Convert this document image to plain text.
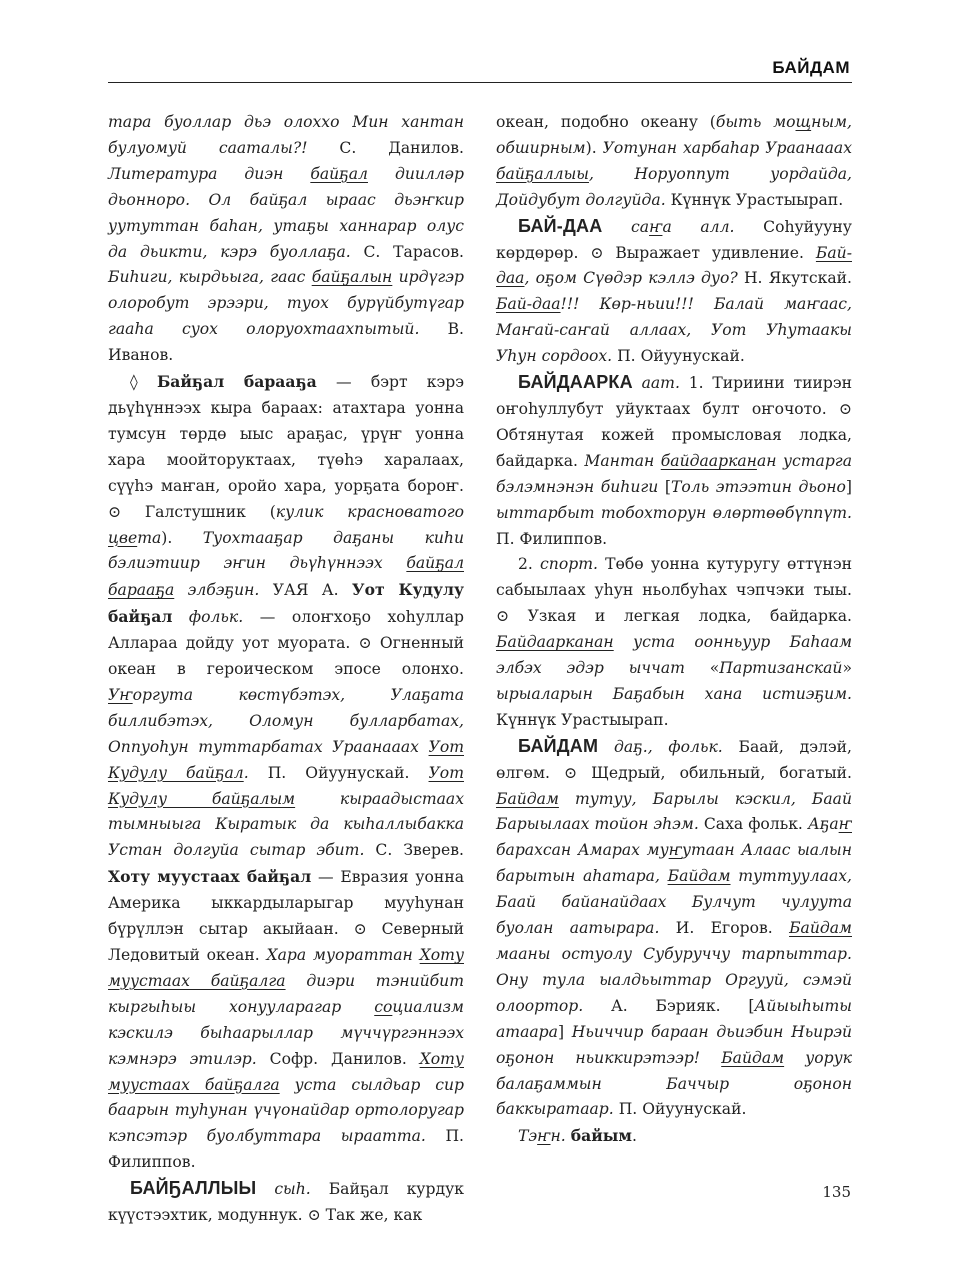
БАЙДАМ

тара буоллар дьэ олоххо Мин хантан булуомуй сааталы?! С. Данилов. Литература диэн байҕал диилләр дьонноро. Ол байҕал ыраас дьэҥкир уутуттан баһан, утаҕы ханнарар олус да дьикти, кэрэ буоллаҕа. С. Тарасов. Биһиги, кырдьыга, гаас байҕалын ирдүгэр олоробут эрээри, туох бурүйбутүгар гааһа суох олоруохтаахпытый. В. Иванов.

◊ Байҕал барааҕа — бэрт кэрэ дьүһүннээх кыра бараах: атахтара уонна тумсун төрдө ыыс араҕас, үрүҥ уонна хара моойторуктаах, түөһэ харалаах, сүүһэ маҥан, оройо хара, уорҕата бороҥ. ⊙ Галстушник (кулик красноватого цвета). Туохтааҕар даҕаны киһи бэлиэтиир эҥин дьүһүннээх байҕал барааҕа элбэҕин. УАЯ А. Уот Кудулу байҕал фольк. — олоҥхоҕо хоһуллар Аллараа дойду уот муората. ⊙ Огненный океан в героическом эпосе олонхо. Уҥоргута көстүбэтэх, Улаҕата биллибэтэх, Оломун булларбатах, Оппуоһун туттарбатах Ураанааах Уот Кудулу байҕал. П. Ойуунускай. Уот Кудулу байҕалым кыраадыстаах тымныыга Кыратык да кыһаллыбакка Устан долгуйа сытар эбит. С. Зверев. Хоту муустаах байҕал — Евразия уонна Америка ыккардыларыгар мууһунан бүрүллэн сытар акыйаан. ⊙ Северный Ледовитый океан. Хара муораттан Хоту муустаах байҕалга диэри тэнийбит кыргыһыы хонууларагар социализм кэскилэ быһаарыллар мүччүргэннээх кэмнэрэ этилэр. Софр. Данилов. Хоту муустаах байҕалга уста сылдьар сир баарын туһунан үчүонайдар ортолоругар кэпсэтэр буолбуттара ыраатта. П. Филиппов.

БАЙҔАЛЛЫЫ сыһ. Байҕал курдук күүстээхтик, модуннук. ⊙ Так же, как

океан, подобно океану (быть мощным, обширным). Уотунан харбаһар Ураанааах байҕаллыы, Норуоппут уордайда, Дойдубут долгуйда. Күннүк Урастыырап.

БАЙ-ДАА саҥа алл. Соһуйууну көрдөрөр. ⊙ Выражает удивление. Бай-даа, оҕом Сүөдэр кэллэ дуо? Н. Якутскай. Бай-даа!!! Көр-ньии!!! Балай маҥаас, Маҥай-саҥай аллаах, Уот Уһутаакы Уһун сордоох. П. Ойуунускай.

БАЙДААРКА аат. 1. Тириини тиирэн оҥоһуллубут уйуктаах булт оҥочото. ⊙ Обтянутая кожей промысловая лодка, байдарка. Мантан байдаарканан устарга бэлэмнэнэн биһиги [Толь этээтин дьоно] ыттарбыт тобохторун өлөртөөбүппүт. П. Филиппов.

2. спорт. Төбө уонна кутуругу өттүнэн сабыылаах уһун ньолбуһах чэпчэки тыы. ⊙ Узкая и легкая лодка, байдарка. Байдаарканан уста оонньуур Баһаам элбэх эдэр ыччат «Партизанскай» ырыаларын Баҕабын хана истиэҕим. Күннүк Урастыырап.

БАЙДАМ даҕ., фольк. Баай, дэлэй, өлгөм. ⊙ Щедрый, обильный, богатый. Байдам тутуу, Барылы кэскил, Баай Барыылаах тойон эһэм. Саха фольк. Аҕаҥ барахсан Амарах муҥутаан Алаас ыалын барытын аһатара, Байдам туттуулаах, Баай байанайдаах Булчут чулуута буолан аатырара. И. Егоров. Байдам мааны остуолу Субуруччу тарпыттар. Ону тула ыалдьыттар Оргууй, сэмэй олоортор. А. Бэрияк. [Айыыһыты атаара] Ньиччир бараан дьиэбин Ньирэй оҕонон ньиккирэтээр! Байдам уорук балаҕаммын Баччыр оҕонон баккыратаар. П. Ойуунускай.

Тэҥн. байым.

135
